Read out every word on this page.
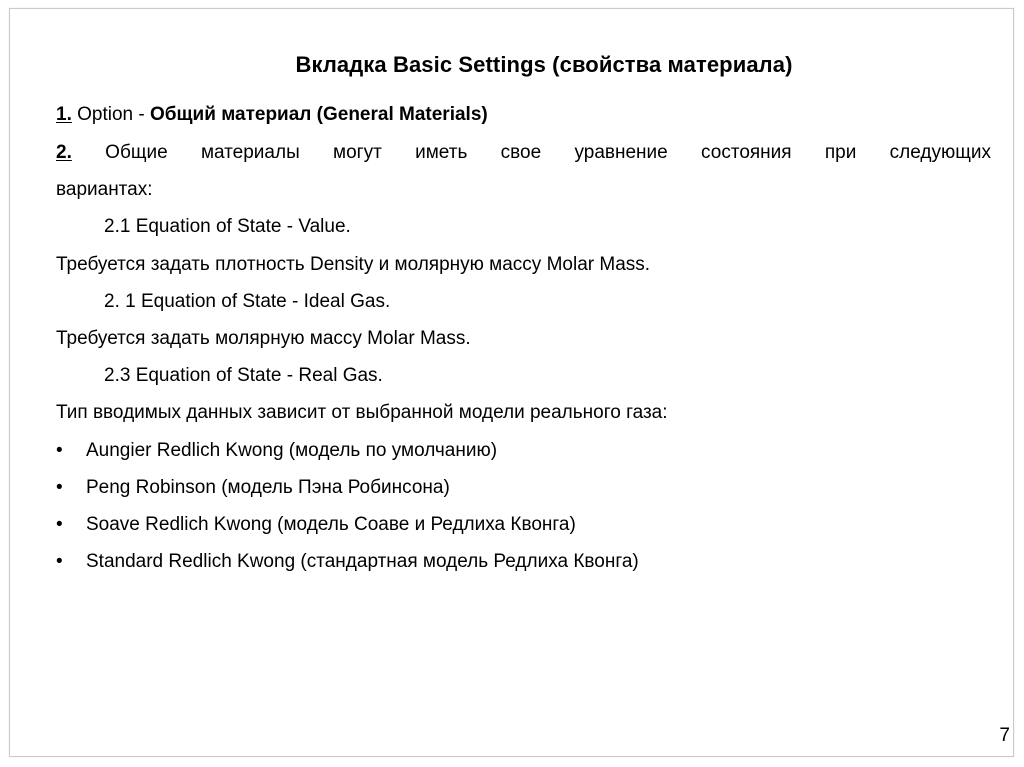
Вкладка Basic Settings (свойства материала)
1. Option - Общий материал (General Materials)
2. Общие материалы могут иметь свое уравнение состояния при следующих
вариантах:
2.1 Equation of State - Value.
Требуется задать плотность Density и молярную массу Molar Mass.
2. 1 Equation of State - Ideal Gas.
Требуется задать молярную массу Molar Mass.
2.3 Equation of State - Real Gas.
Тип вводимых данных зависит от выбранной модели реального газа:
• Aungier Redlich Kwong (модель по умолчанию)
• Peng Robinson (модель Пэна Робинсона)
• Soave Redlich Kwong (модель Соаве и Редлиха Квонга)
• Standard Redlich Kwong (стандартная модель Редлиха Квонга)
7
